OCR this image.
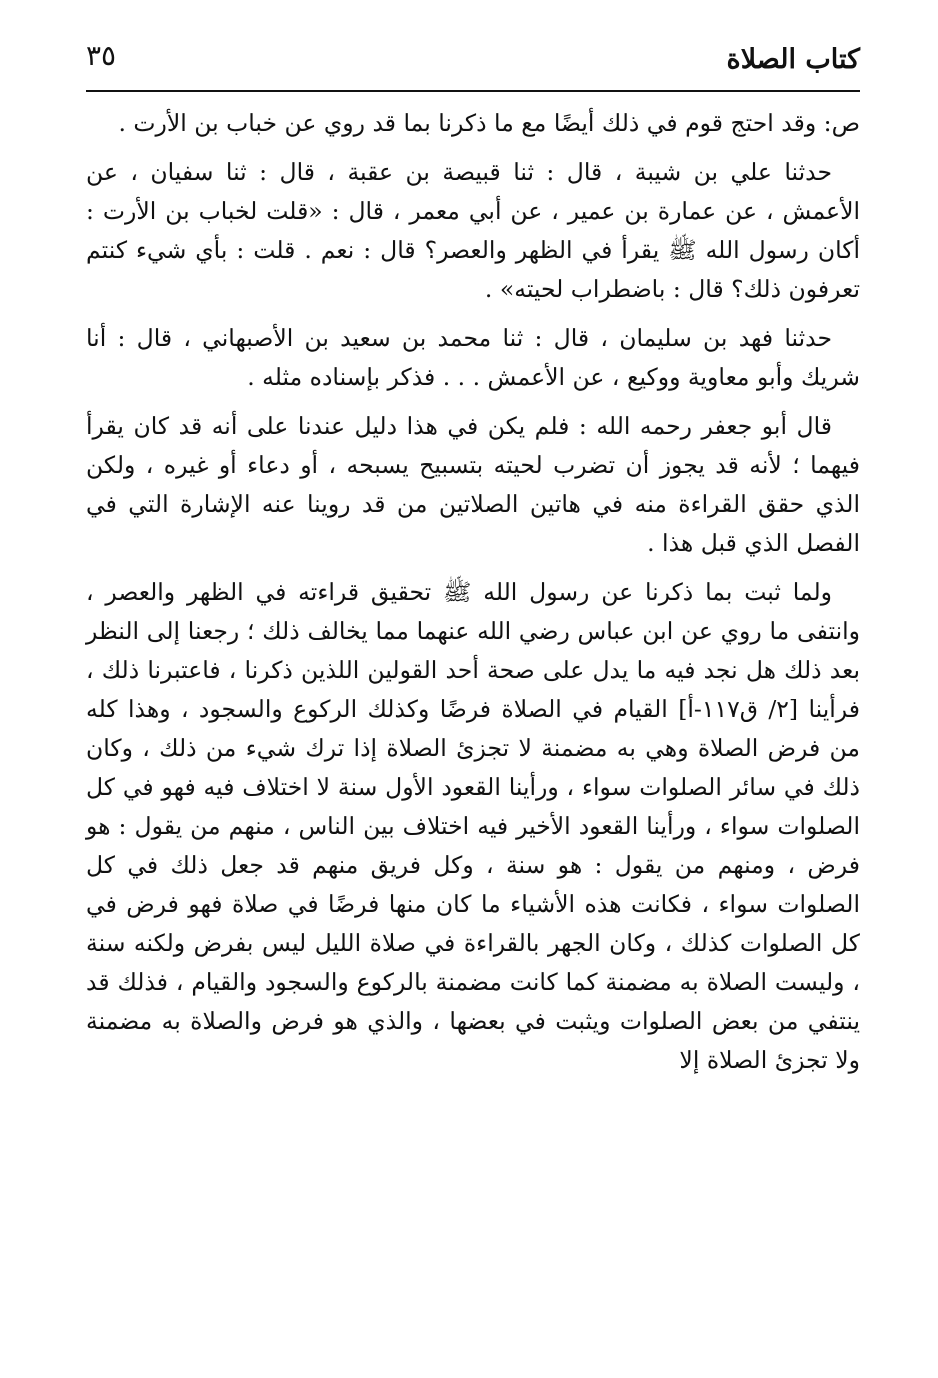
كتاب الصلاة
٣٥

ص: وقد احتج قوم في ذلك أيضًا مع ما ذكرنا بما قد روي عن خباب بن الأرت .

حدثنا علي بن شيبة ، قال : ثنا قبيصة بن عقبة ، قال : ثنا سفيان ، عن الأعمش ، عن عمارة بن عمير ، عن أبي معمر ، قال : «قلت لخباب بن الأرت : أكان رسول الله ﷺ يقرأ في الظهر والعصر؟ قال : نعم . قلت : بأي شيء كنتم تعرفون ذلك؟ قال : باضطراب لحيته» .

حدثنا فهد بن سليمان ، قال : ثنا محمد بن سعيد بن الأصبهاني ، قال : أنا شريك وأبو معاوية ووكيع ، عن الأعمش . . . فذكر بإسناده مثله .

قال أبو جعفر رحمه الله : فلم يكن في هذا دليل عندنا على أنه قد كان يقرأ فيهما ؛ لأنه قد يجوز أن تضرب لحيته بتسبيح يسبحه ، أو دعاء أو غيره ، ولكن الذي حقق القراءة منه في هاتين الصلاتين من قد روينا عنه الإشارة التي في الفصل الذي قبل هذا .

ولما ثبت بما ذكرنا عن رسول الله ﷺ تحقيق قراءته في الظهر والعصر ، وانتفى ما روي عن ابن عباس رضي الله عنهما مما يخالف ذلك ؛ رجعنا إلى النظر بعد ذلك هل نجد فيه ما يدل على صحة أحد القولين اللذين ذكرنا ، فاعتبرنا ذلك ، فرأينا [٢/ ق١١٧-أ] القيام في الصلاة فرضًا وكذلك الركوع والسجود ، وهذا كله من فرض الصلاة وهي به مضمنة لا تجزئ الصلاة إذا ترك شيء من ذلك ، وكان ذلك في سائر الصلوات سواء ، ورأينا القعود الأول سنة لا اختلاف فيه فهو في كل الصلوات سواء ، ورأينا القعود الأخير فيه اختلاف بين الناس ، منهم من يقول : هو فرض ، ومنهم من يقول : هو سنة ، وكل فريق منهم قد جعل ذلك في كل الصلوات سواء ، فكانت هذه الأشياء ما كان منها فرضًا في صلاة فهو فرض في كل الصلوات كذلك ، وكان الجهر بالقراءة في صلاة الليل ليس بفرض ولكنه سنة ، وليست الصلاة به مضمنة كما كانت مضمنة بالركوع والسجود والقيام ، فذلك قد ينتفي من بعض الصلوات ويثبت في بعضها ، والذي هو فرض والصلاة به مضمنة ولا تجزئ الصلاة إلا
